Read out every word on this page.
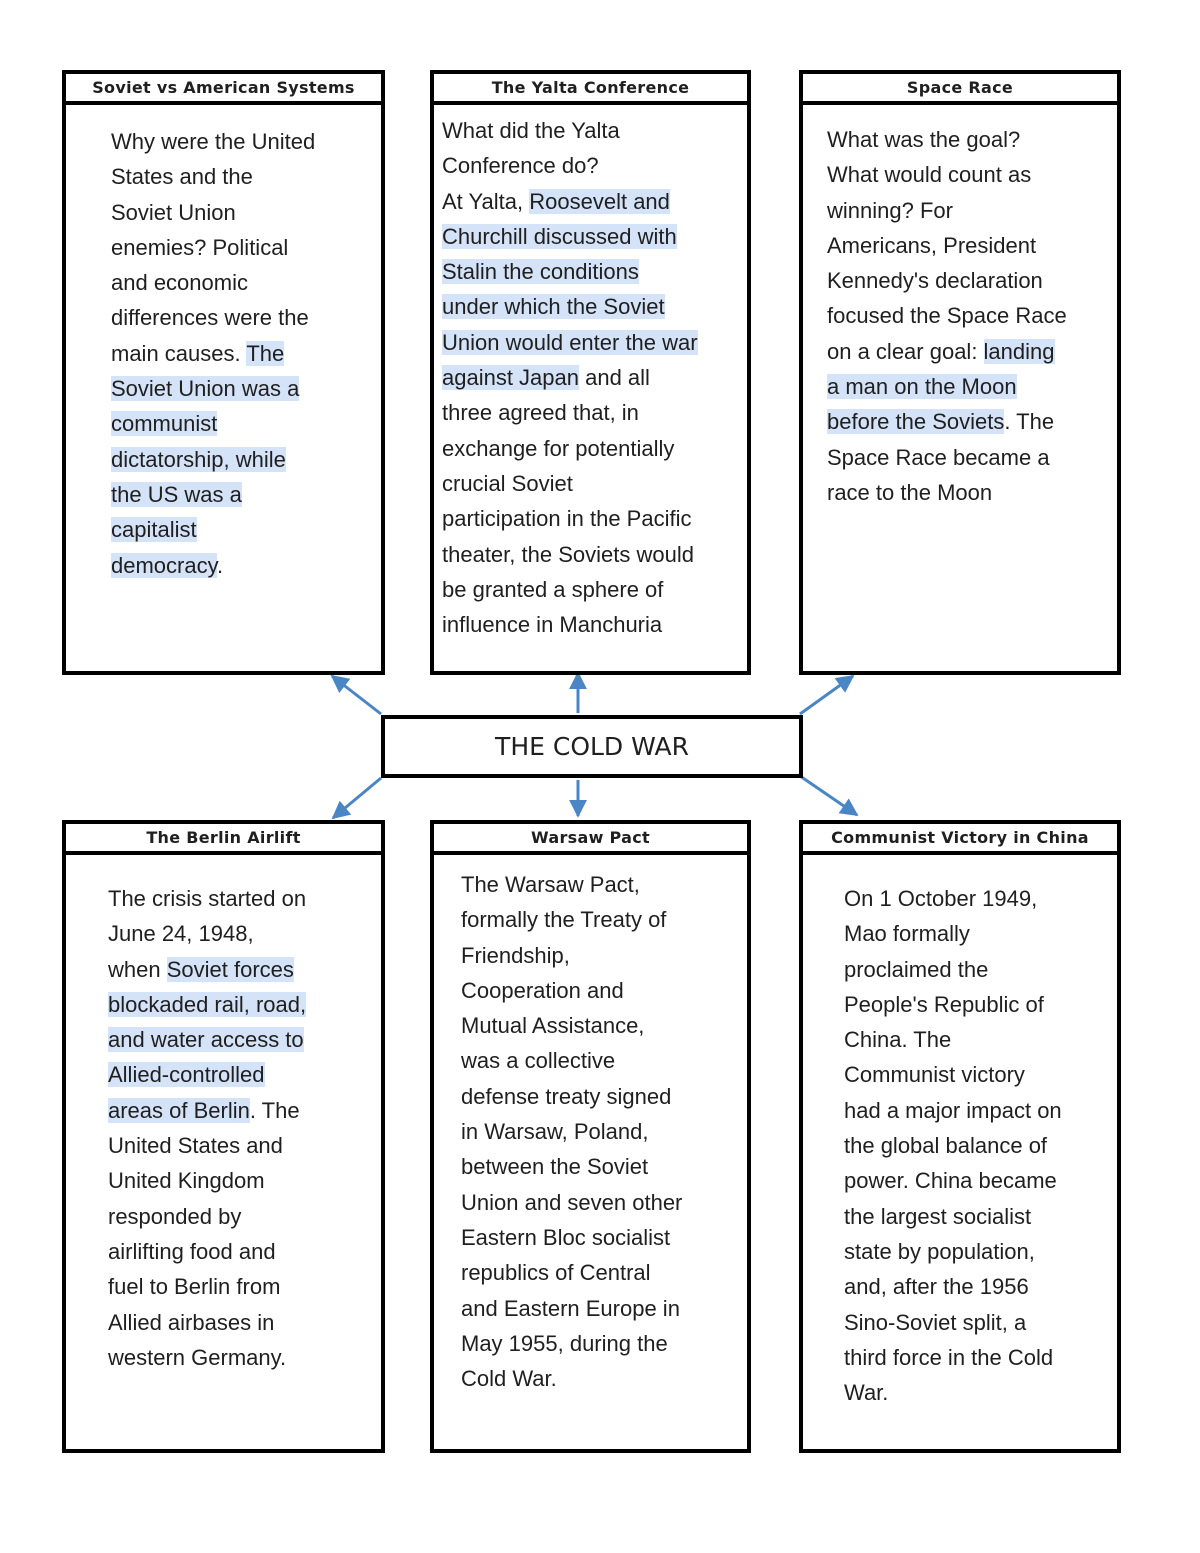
THE COLD WAR
Soviet vs American Systems
Why were the United
States and the
Soviet Union
enemies? Political
and economic
differences were the
main causes. The
Soviet Union was a
communist
dictatorship, while
the US was a
capitalist
democracy.
The Yalta Conference
What did the Yalta
Conference do?
At Yalta, Roosevelt and
Churchill discussed with
Stalin the conditions
under which the Soviet
Union would enter the war
against Japan and all
three agreed that, in
exchange for potentially
crucial Soviet
participation in the Pacific
theater, the Soviets would
be granted a sphere of
influence in Manchuria
Space Race
What was the goal?
What would count as
winning? For
Americans, President
Kennedy's declaration
focused the Space Race
on a clear goal: landing
a man on the Moon
before the Soviets. The
Space Race became a
race to the Moon
The Berlin Airlift
The crisis started on
June 24, 1948,
when Soviet forces
blockaded rail, road,
and water access to
Allied-controlled
areas of Berlin. The
United States and
United Kingdom
responded by
airlifting food and
fuel to Berlin from
Allied airbases in
western Germany.
Warsaw Pact
The Warsaw Pact,
formally the Treaty of
Friendship,
Cooperation and
Mutual Assistance,
was a collective
defense treaty signed
in Warsaw, Poland,
between the Soviet
Union and seven other
Eastern Bloc socialist
republics of Central
and Eastern Europe in
May 1955, during the
Cold War.
Communist Victory in China
On 1 October 1949,
Mao formally
proclaimed the
People's Republic of
China. The
Communist victory
had a major impact on
the global balance of
power. China became
the largest socialist
state by population,
and, after the 1956
Sino-Soviet split, a
third force in the Cold
War.
